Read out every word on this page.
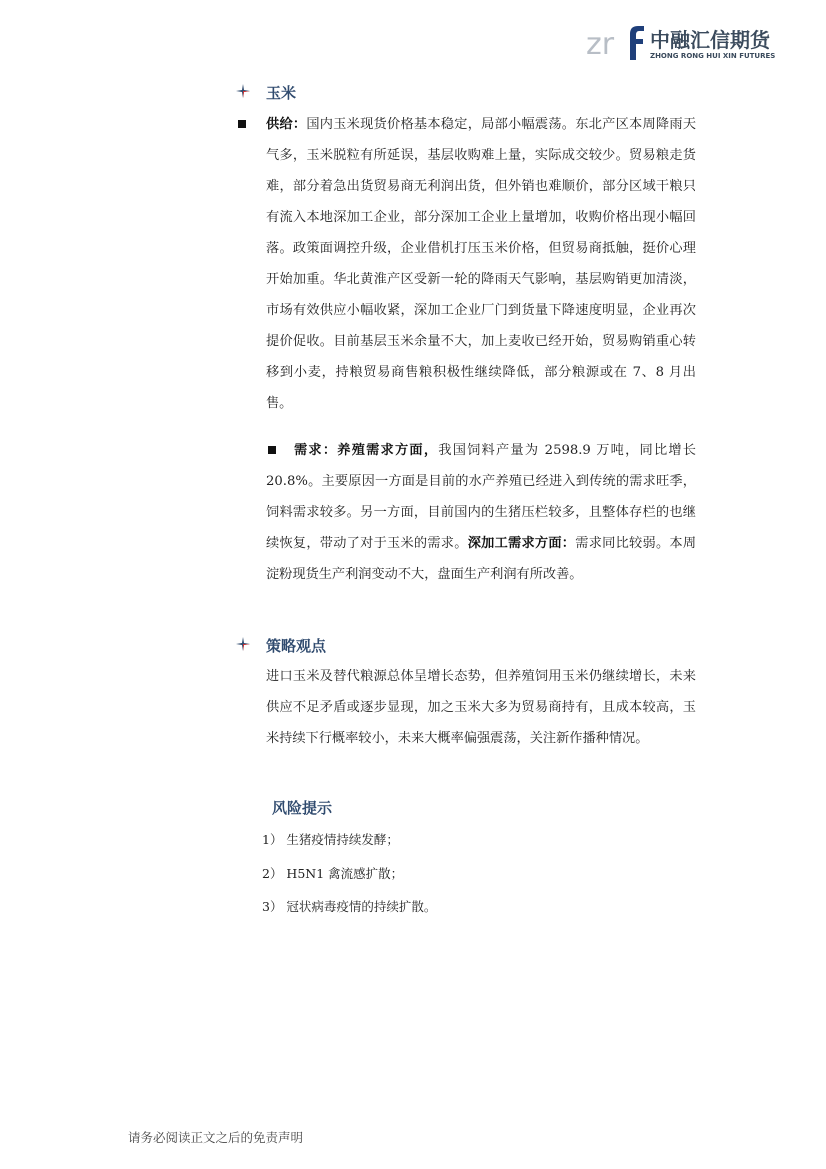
zr 中融汇信期货
ZHONG RONG HUI XIN FUTURES
玉米
供给：国内玉米现货价格基本稳定，局部小幅震荡。东北产区本周降雨天气多，玉米脱粒有所延误，基层收购难上量，实际成交较少。贸易粮走货难，部分着急出货贸易商无利润出货，但外销也难顺价，部分区域干粮只有流入本地深加工企业，部分深加工企业上量增加，收购价格出现小幅回落。政策面调控升级，企业借机打压玉米价格，但贸易商抵触，挺价心理开始加重。华北黄淮产区受新一轮的降雨天气影响，基层购销更加清淡，市场有效供应小幅收紧，深加工企业厂门到货量下降速度明显，企业再次提价促收。目前基层玉米余量不大，加上麦收已经开始，贸易购销重心转移到小麦，持粮贸易商售粮积极性继续降低，部分粮源或在 7、8 月出售。
需求：养殖需求方面，我国饲料产量为 2598.9 万吨，同比增长 20.8%。主要原因一方面是目前的水产养殖已经进入到传统的需求旺季，饲料需求较多。另一方面，目前国内的生猪压栏较多，且整体存栏的也继续恢复，带动了对于玉米的需求。深加工需求方面：需求同比较弱。本周淀粉现货生产利润变动不大，盘面生产利润有所改善。
策略观点
进口玉米及替代粮源总体呈增长态势，但养殖饲用玉米仍继续增长，未来供应不足矛盾或逐步显现，加之玉米大多为贸易商持有，且成本较高，玉米持续下行概率较小，未来大概率偏强震荡，关注新作播种情况。
风险提示
1） 生猪疫情持续发酵；
2） H5N1 禽流感扩散；
3） 冠状病毒疫情的持续扩散。
请务必阅读正文之后的免责声明
